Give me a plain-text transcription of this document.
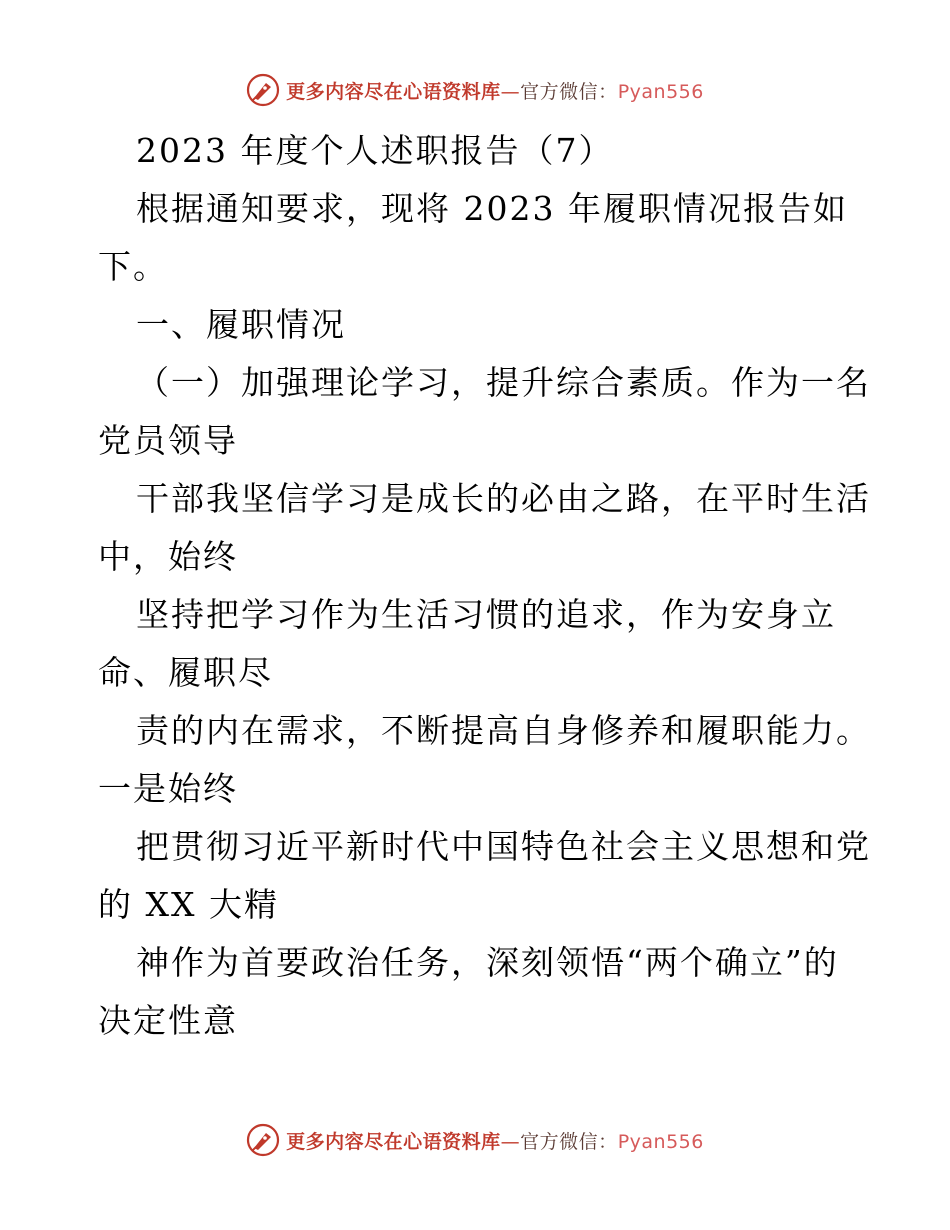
更多内容尽在心语资料库—官方微信：Pyan556
2023 年度个人述职报告（7）
根据通知要求，现将 2023 年履职情况报告如
下。
一、履职情况
（一）加强理论学习，提升综合素质。作为一名
党员领导
干部我坚信学习是成长的必由之路，在平时生活
中，始终
坚持把学习作为生活习惯的追求，作为安身立
命、履职尽
责的内在需求，不断提高自身修养和履职能力。
一是始终
把贯彻习近平新时代中国特色社会主义思想和党
的 XX 大精
神作为首要政治任务，深刻领悟“两个确立”的
决定性意
更多内容尽在心语资料库—官方微信：Pyan556
